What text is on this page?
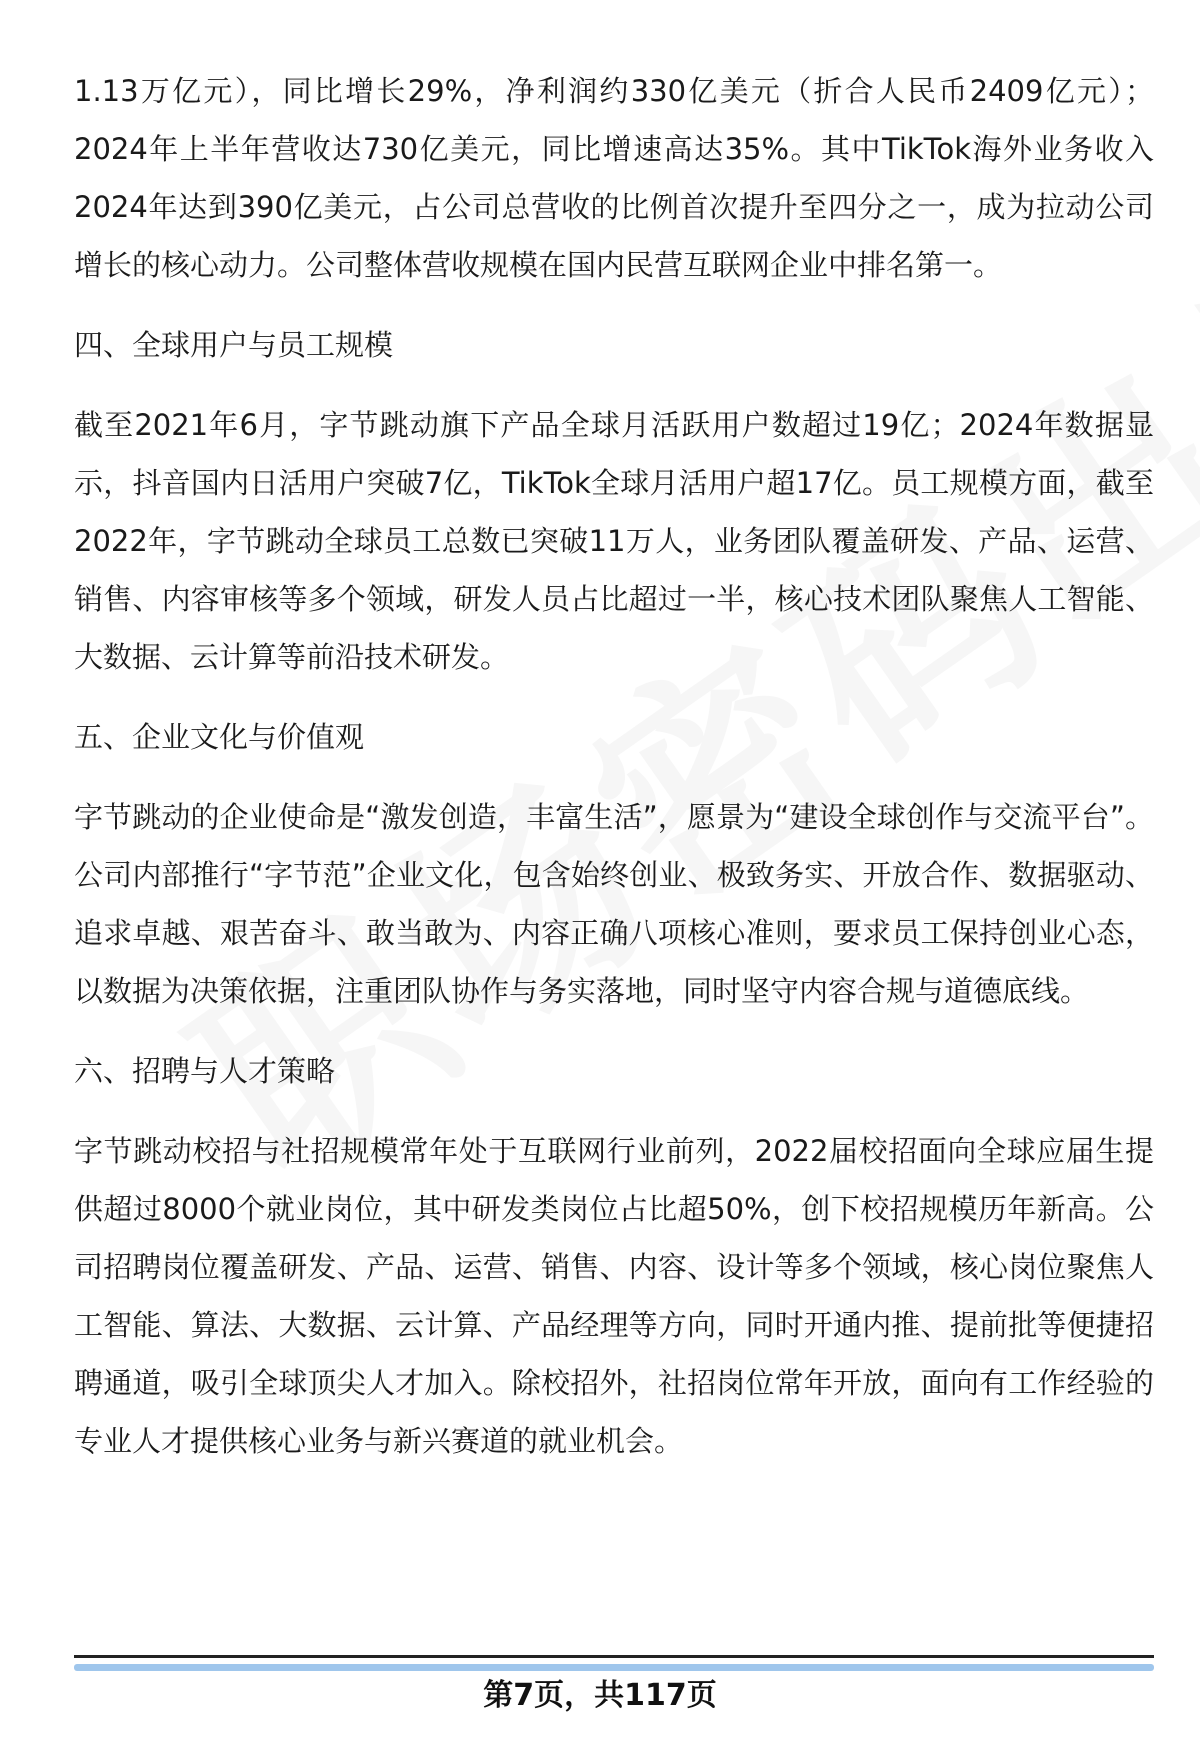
1.13万亿元），同比增长29%，净利润约330亿美元（折合人民币2409亿元）；2024年上半年营收达730亿美元，同比增速高达35%。其中TikTok海外业务收入2024年达到390亿美元，占公司总营收的比例首次提升至四分之一，成为拉动公司增长的核心动力。公司整体营收规模在国内民营互联网企业中排名第一。

四、全球用户与员工规模

截至2021年6月，字节跳动旗下产品全球月活跃用户数超过19亿；2024年数据显示，抖音国内日活用户突破7亿，TikTok全球月活用户超17亿。员工规模方面，截至2022年，字节跳动全球员工总数已突破11万人，业务团队覆盖研发、产品、运营、销售、内容审核等多个领域，研发人员占比超过一半，核心技术团队聚焦人工智能、大数据、云计算等前沿技术研发。

五、企业文化与价值观

字节跳动的企业使命是“激发创造，丰富生活”，愿景为“建设全球创作与交流平台”。公司内部推行“字节范”企业文化，包含始终创业、极致务实、开放合作、数据驱动、追求卓越、艰苦奋斗、敢当敢为、内容正确八项核心准则，要求员工保持创业心态，以数据为决策依据，注重团队协作与务实落地，同时坚守内容合规与道德底线。

六、招聘与人才策略

字节跳动校招与社招规模常年处于互联网行业前列，2022届校招面向全球应届生提供超过8000个就业岗位，其中研发类岗位占比超50%，创下校招规模历年新高。公司招聘岗位覆盖研发、产品、运营、销售、内容、设计等多个领域，核心岗位聚焦人工智能、算法、大数据、云计算、产品经理等方向，同时开通内推、提前批等便捷招聘通道，吸引全球顶尖人才加入。除校招外，社招岗位常年开放，面向有工作经验的专业人才提供核心业务与新兴赛道的就业机会。

第7页，共117页
